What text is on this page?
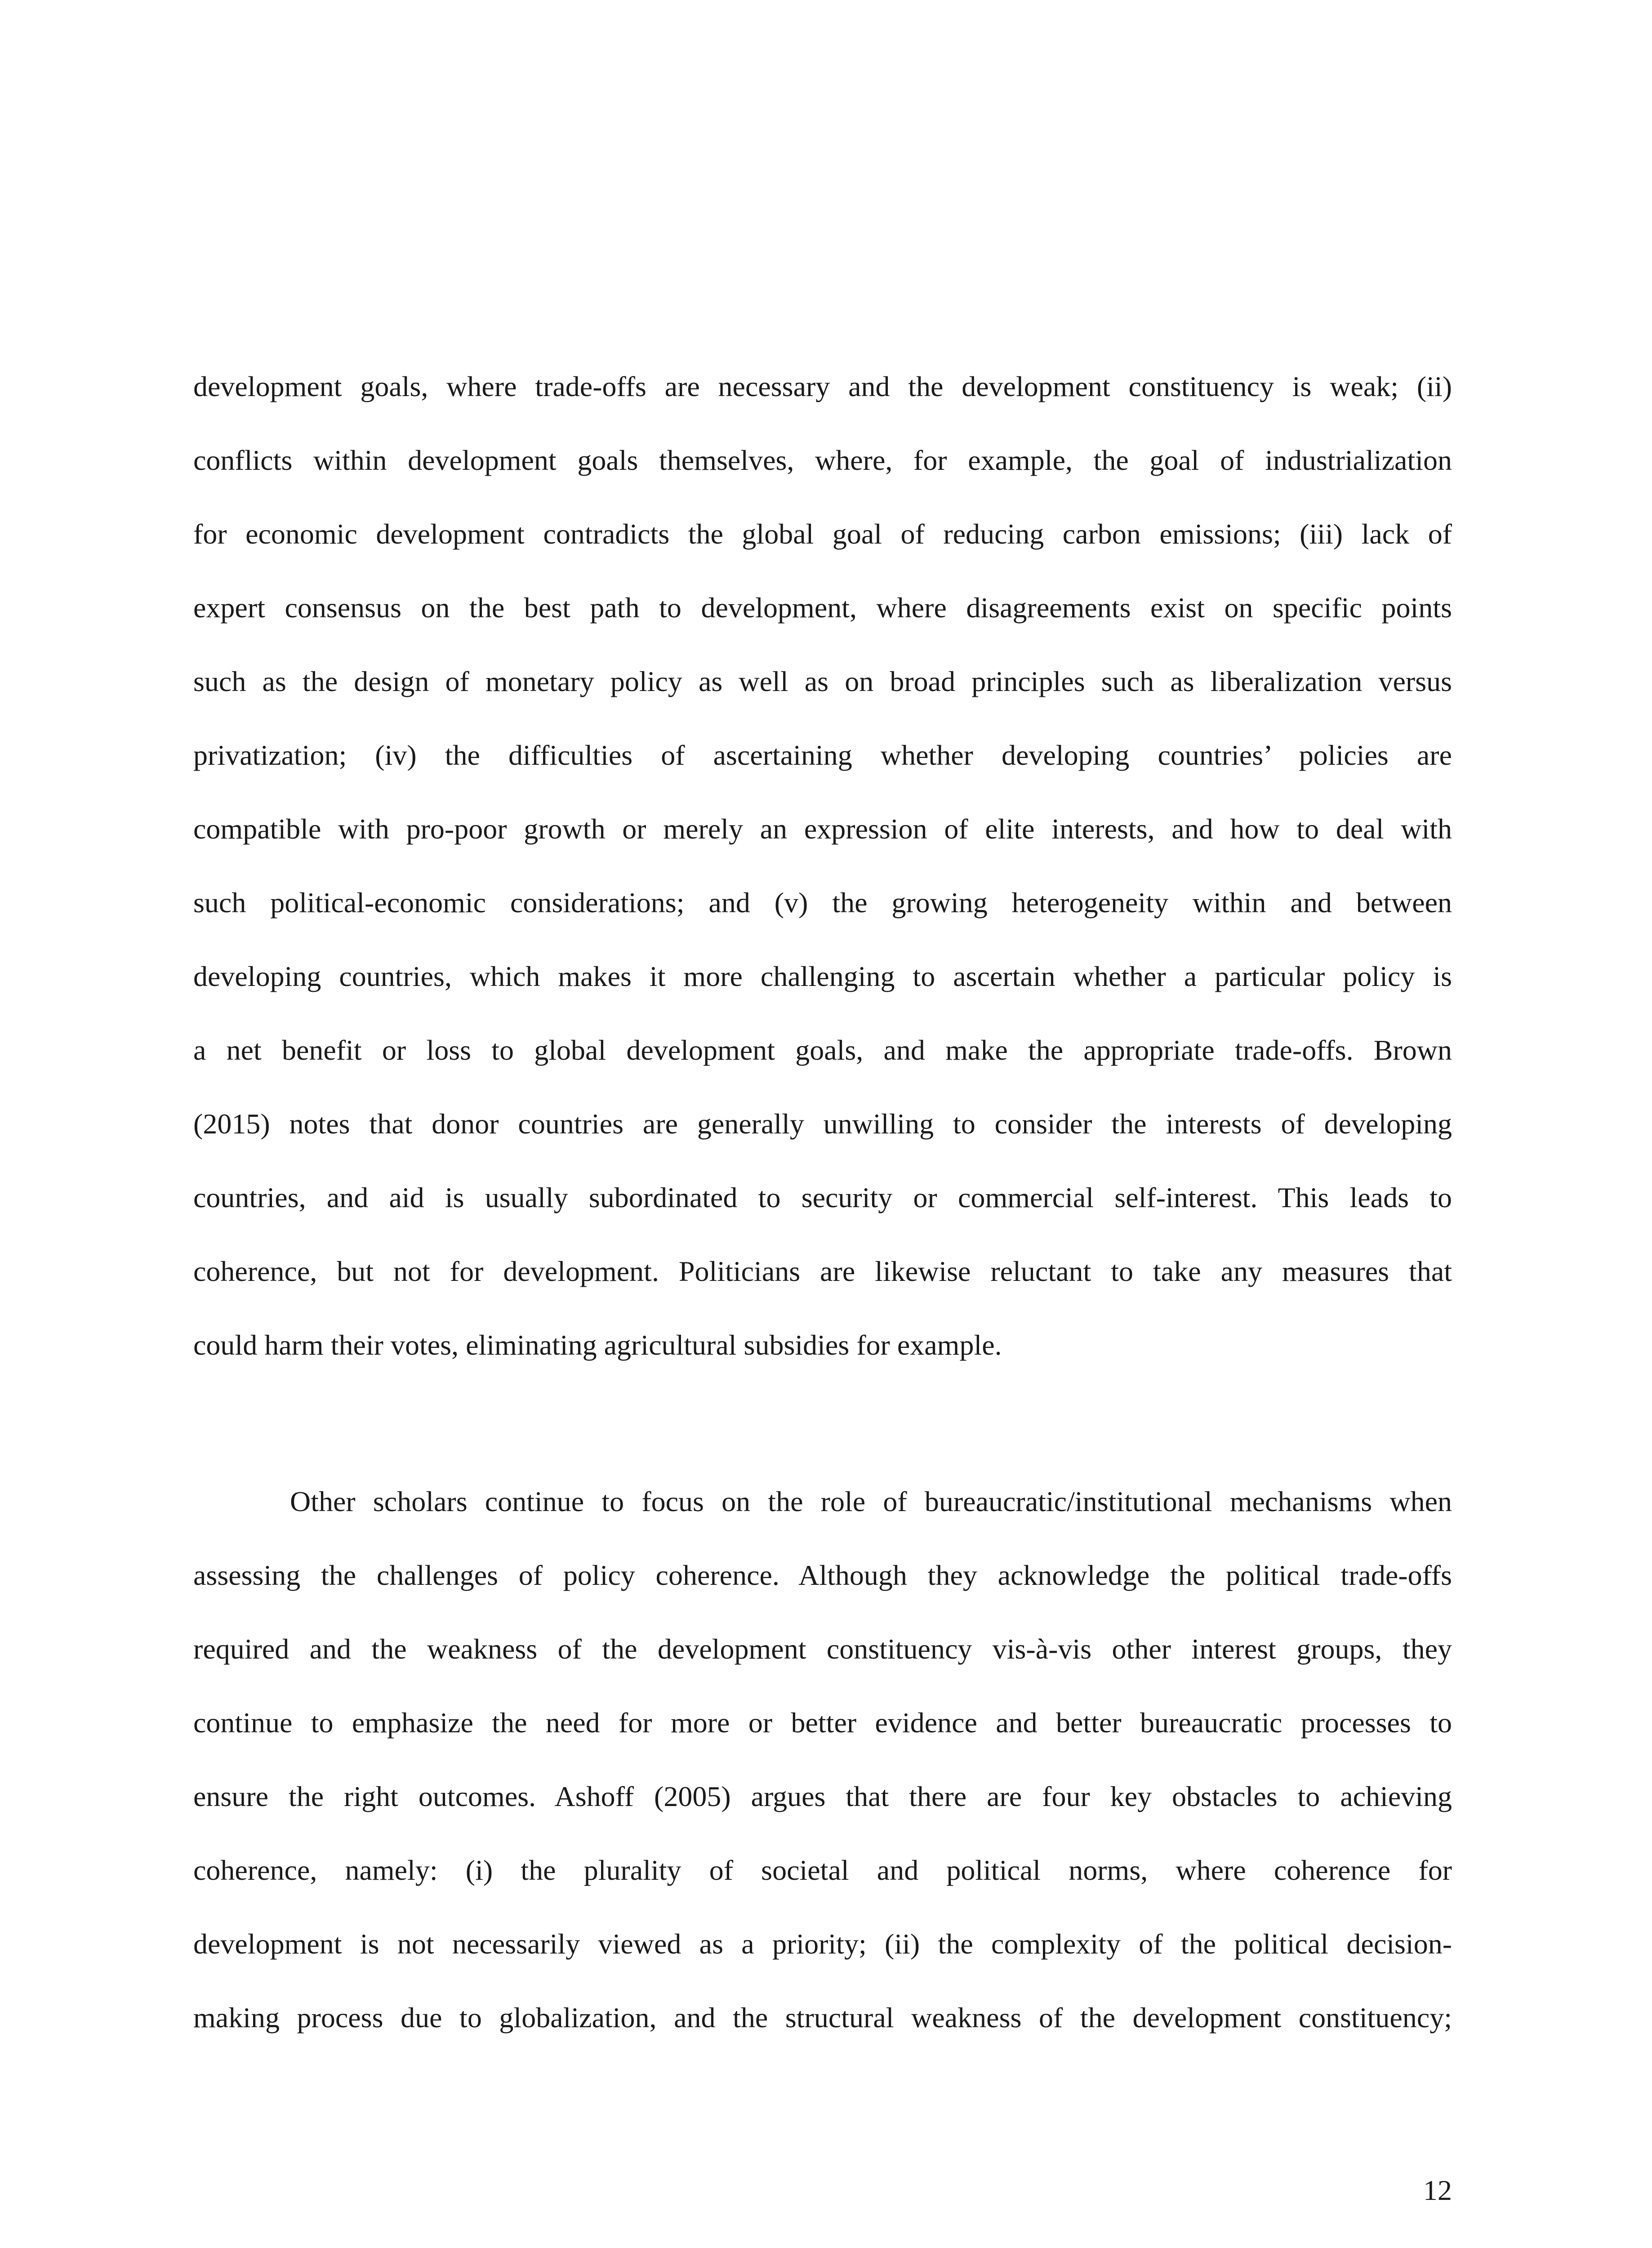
development goals, where trade-offs are necessary and the development constituency is weak; (ii)
conflicts within development goals themselves, where, for example, the goal of industrialization
for economic development contradicts the global goal of reducing carbon emissions; (iii) lack of
expert consensus on the best path to development, where disagreements exist on specific points
such as the design of monetary policy as well as on broad principles such as liberalization versus
privatization; (iv) the difficulties of ascertaining whether developing countries’ policies are
compatible with pro-poor growth or merely an expression of elite interests, and how to deal with
such political-economic considerations; and (v) the growing heterogeneity within and between
developing countries, which makes it more challenging to ascertain whether a particular policy is
a net benefit or loss to global development goals, and make the appropriate trade-offs. Brown
(2015) notes that donor countries are generally unwilling to consider the interests of developing
countries, and aid is usually subordinated to security or commercial self-interest. This leads to
coherence, but not for development. Politicians are likewise reluctant to take any measures that
could harm their votes, eliminating agricultural subsidies for example.
Other scholars continue to focus on the role of bureaucratic/institutional mechanisms when
assessing the challenges of policy coherence. Although they acknowledge the political trade-offs
required and the weakness of the development constituency vis-à-vis other interest groups, they
continue to emphasize the need for more or better evidence and better bureaucratic processes to
ensure the right outcomes. Ashoff (2005) argues that there are four key obstacles to achieving
coherence, namely: (i) the plurality of societal and political norms, where coherence for
development is not necessarily viewed as a priority; (ii) the complexity of the political decision-
making process due to globalization, and the structural weakness of the development constituency;
12
